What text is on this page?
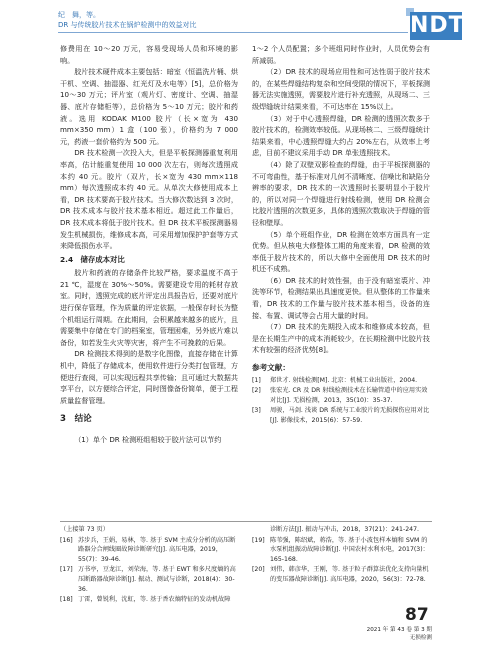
纪　舞，等。
DR 与传统胶片技术在锅炉检测中的效益对比	NDT
修费用在 10～20 万元，容易受现场人员和环境的影响。
胶片技术硬件成本主要包括：暗室（恒温洗片桶、烘干机、空调、抽湿器、红光灯及水电等）[5]，总价格为 10～30 万元；评片室（观片灯、密度计、空调、抽湿器、底片存储柜等），总价格为 5～10 万元；胶片和药液。选用 KODAK M100 胶片（长×宽为 430 mm×350 mm）1 盒（100 张），价格约为 7 000 元，药液一套价格约为 500 元。
DR 技术检测一次投入大，但是平板探测器重复利用率高，估计能重复使用 10 000 次左右，则每次透照成本约 40 元。胶片（双片，长×宽为 430 mm×118 mm）每次透照成本约 40 元。从单次大修使用成本上看，DR 技术要高于胶片技术。当大修次数达到 3 次时，DR 技术成本与胶片技术基本相近。超过此工作量后，DR 技术成本将低于胶片技术。但 DR 技术平板探测器易发生机械损伤，维修成本高，可采用增加保护护套等方式来降低损伤水平。
2.4　储存成本对比
胶片和药液的存储条件比较严格，要求温度不高于 21 ℃，湿度在 30%～50%。需要建设专用的耗材存放室。同时，透照完成的底片评定出具报告后，还要对底片进行保存管理，作为质量的评定依据，一般保存时长为整个机组运行周期。在此期间，会积累越来越多的底片，且需要集中存储在专门的档案室，管理困难，另外底片难以备份，如若发生火灾等灾害，将产生不可挽救的后果。
DR 检测技术得到的是数字化图像，直接存储在计算机中，降低了存储成本，使用软件进行分类打包管理，方便进行查阅，可以实现远程共享传输；且可通过大数据共享平台，以方便综合评定，同时图像备份简单，便于工程质量监督管理。
3　结论
（1）单个 DR 检测班组相较于胶片法可以节约
1～2 个人员配置；多个班组同时作业时，人员优势会有所减弱。
（2）DR 技术的现场应用性和可达性弱于胶片技术的，在某些焊缝结构复杂和空间受限的情况下，平板探测器无法实施透照，需要胶片进行补充透照，从现场二、三级焊缝统计结果来看，不可达率在 15%以上。
（3）对于中心透照焊缝，DR 检测的透照次数多于胶片技术的，检测效率较低。从现场核二、三级焊缝统计结果来看，中心透照焊缝大约占 20%左右，从效率上考虑，目前不建议采用手动 DR 单张透照技术。
（4）除了双壁双影检查的焊缝，由于平板探测器的不可弯曲性，基于标准对几何不清晰度、信噪比和缺陷分辨率的要求，DR 技术的一次透照时长要明显小于胶片的，所以对同一个焊缝进行射线检测，使用 DR 检测会比胶片透照的次数更多，具体的透照次数取决于焊缝的管径和壁厚。
（5）单个班组作业，DR 检测在效率方面具有一定优势。但从核电大修整体工期的角度来看，DR 检测的效率低于胶片技术的，所以大修中全面使用 DR 技术的时机还不成熟。
（6）DR 技术的时效性强，由于没有暗室裘片、冲洗等环节，检测结果出具速度更快。但从整体的工作量来看，DR 技术的工作量与胶片技术基本相当，设备的连接、布置、调试等会占用大量的时间。
（7）DR 技术的先期投入成本和维修成本较高，但是在长期生产中的成本消耗较少，在长期检测中比胶片技术有较强的经济优势[8]。
参考文献：
[1]	郑世才. 射线检测[M]. 北京：机械工业出版社，2004.
[2]	张宏光. CR 及 DR 射线检测技术在长输管道中的应用实效对比[J]. 无损检测，2013，35(10)：35-37.
[3]	周骏，马剑. 浅谈 DR 系统与工业胶片的无损探伤应用对比[J]. 影像技术，2015(6)：57-59.
（上接第 73 页）
[16] 苏步兵，王娟，易林，等. 基于 SVM 主成分分析的高压断路器分合闸线圈故障诊断研究[J]. 高压电器，2019，55(7)：39-46.
[17] 万书亭，豆龙江，刘荣海，等. 基于 EWT 和多尺度熵的高压断路器故障诊断[J]. 振动、测试与诊断，2018(4)：30-36.
[18] 丁雷，曾锐利，沈虹，等. 基于香农熵特征的发动机故障
诊断方法[J]. 振动与冲击，2018，37(21)：241-247.
[19] 陈苇强，陈绍斌，蒋浩，等. 基于小波包样本熵和 SVM 的水泵机组振动故障诊断[J]. 中国农村水利水电，2017(3)：165-168.
[20] 刘伟，韩彦华，王刚，等. 基于粒子群算法优化支持向量机的变压器故障诊断[J]. 高压电器，2020，56(3)：72-78.
87
2021 年 第 43 卷 第 3 期
无损检测
